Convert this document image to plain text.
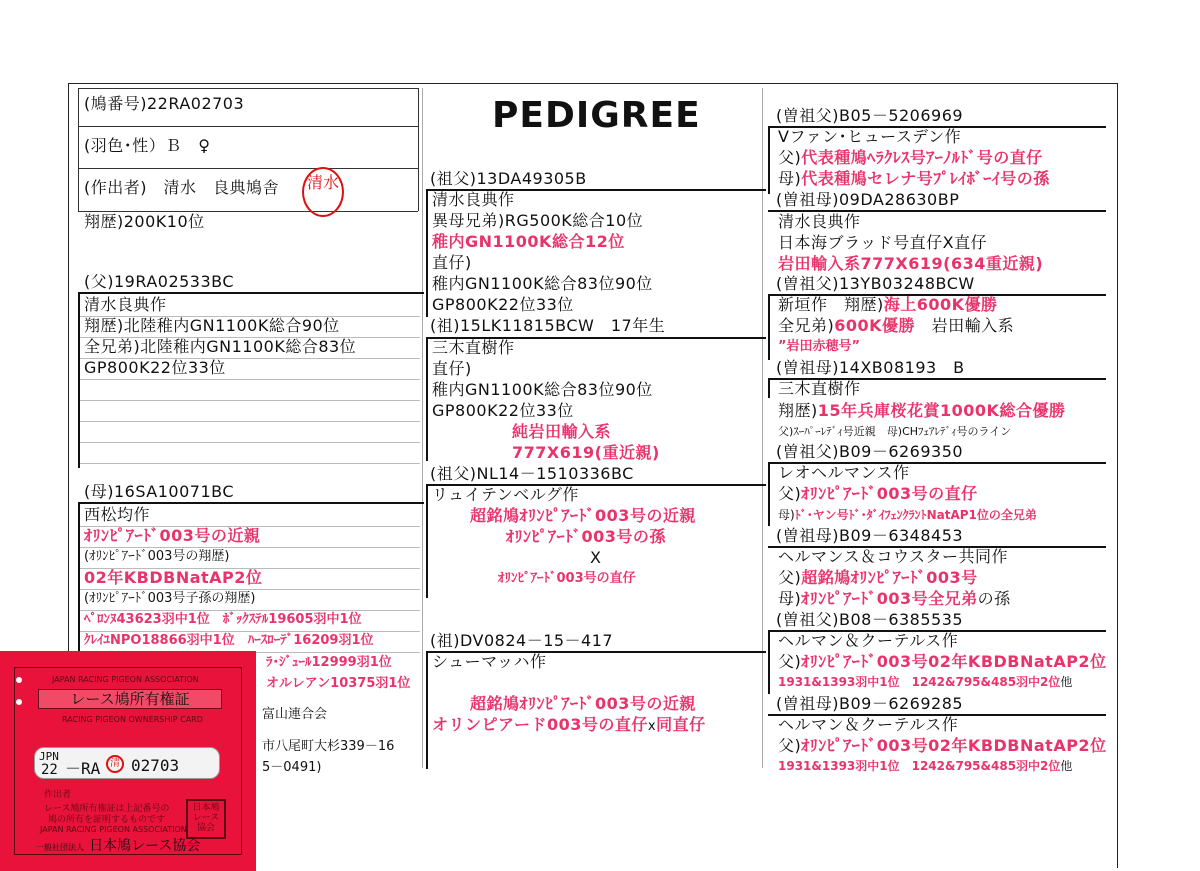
(鳩番号)22RA02703
(羽色･性）Ｂ　♀
(作出者)　清水　良典鳩舎	清水
翔歴)200K10位
PEDIGREE
(父)19RA02533BC
清水良典作
翔歴)北陸稚内GN1100K総合90位
全兄弟)北陸稚内GN1100K総合83位
GP800K22位33位
(母)16SA10071BC
西松均作
ｵﾘﾝﾋﾟｱｰﾄﾞ003号の近親
(ｵﾘﾝﾋﾟｱｰﾄﾞ003号の翔歴)
02年KBDBNatAP2位
(ｵﾘﾝﾋﾟｱｰﾄﾞ003号子孫の翔歴)
ﾍﾟﾛﾝﾇ43623羽中1位　ﾎﾞｯｸｽﾃﾙ19605羽中1位
ｸﾚｲﾕNPO18866羽中1位　ﾊｰｽﾛｰﾃﾞ16209羽1位
ﾗ･ｼﾞｭｰﾙ12999羽1位
オルレアン10375羽1位
富山連合会
市八尾町大杉339－16
5－0491)
(祖父)13DA49305B
清水良典作
異母兄弟)RG500K総合10位
稚内GN1100K総合12位
直仔)
稚内GN1100K総合83位90位
GP800K22位33位
(祖)15LK11815BCW　17年生
三木直樹作
直仔)
稚内GN1100K総合83位90位
GP800K22位33位
純岩田輸入系
777X619(重近親)
(祖父)NL14－1510336BC
リュイテンベルグ作
超銘鳩ｵﾘﾝﾋﾟｱｰﾄﾞ003号の近親
ｵﾘﾝﾋﾟｱｰﾄﾞ003号の孫
X
ｵﾘﾝﾋﾟｱｰﾄﾞ003号の直仔
(祖)DV0824－15－417
シューマッハ作
超銘鳩ｵﾘﾝﾋﾟｱｰﾄﾞ003号の近親
オリンピアード003号の直仔x同直仔
(曽祖父)B05－5206969
Vファン･ヒュースデン作
父)代表種鳩ﾍﾗｸﾚｽ号ｱｰﾉﾙﾄﾞ号の直仔
母)代表種鳩セレナ号ﾌﾟﾚｲﾎﾞｰｲ号の孫
(曽祖母)09DA28630BP
清水良典作
日本海ブラッド号直仔X直仔
岩田輸入系777X619(634重近親)
(曽祖父)13YB03248BCW
新垣作　翔歴)海上600K優勝
全兄弟)600K優勝　岩田輸入系
”岩田赤穂号”
(曽祖母)14XB08193　B
三木直樹作
翔歴)15年兵庫桜花賞1000K総合優勝
父)ｽｰﾊﾟｰﾚﾃﾞｨ号近親　母)CHﾌｪｱﾚﾃﾞｨ号のライン
(曽祖父)B09－6269350
レオヘルマンス作
父)ｵﾘﾝﾋﾟｱｰﾄﾞ003号の直仔
母)ﾄﾞ･ヤン号ﾄﾞ･ﾀﾞｲﾌｪﾝｸﾗﾝﾄNatAP1位の全兄弟
(曽祖母)B09－6348453
ヘルマンス＆コウスター共同作
父)超銘鳩ｵﾘﾝﾋﾟｱｰﾄﾞ003号
母)ｵﾘﾝﾋﾟｱｰﾄﾞ003号全兄弟の孫
(曽祖父)B08－6385535
ヘルマン＆クーテルス作
父)ｵﾘﾝﾋﾟｱｰﾄﾞ003号02年KBDBNatAP2位
1931&1393羽中1位　1242&795&485羽中2位他
(曽祖母)B09－6269285
ヘルマン＆クーテルス作
父)ｵﾘﾝﾋﾟｱｰﾄﾞ003号02年KBDBNatAP2位
1931&1393羽中1位　1242&795&485羽中2位他
JAPAN RACING PIGEON ASSOCIATION
レース鳩所有権証
RACING PIGEON OWNERSHIP CARD
JPN
22 －RA 02703
清
作出者
レース鳩所有権証は上記番号の
鳩の所有を証明するものです
JAPAN RACING PIGEON ASSOCIATION
一般社団法人 日本鳩レース協会
日本鳩レース協会
